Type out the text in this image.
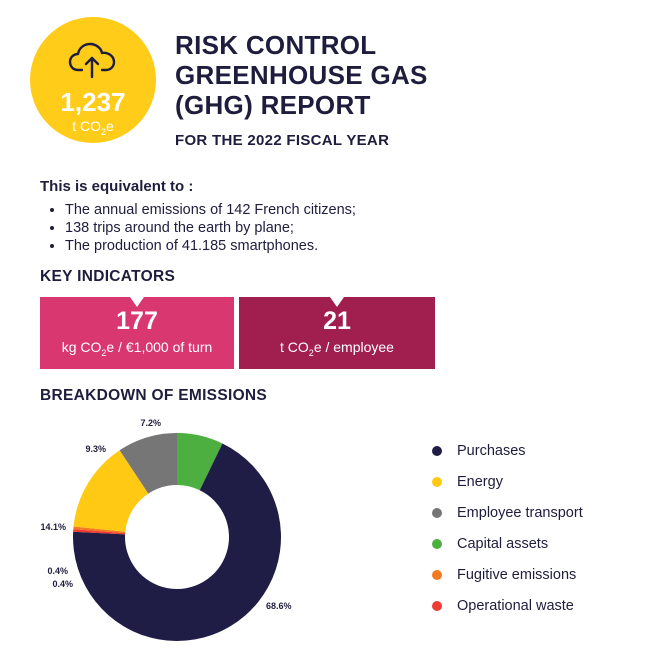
1,237
t $CO_2e$
RISK CONTROL
GREENHOUSE GAS
(GHG) REPORT
FOR THE 2022 FISCAL YEAR
This is equivalent to :
• The annual emissions of 142 French citizens;
• 138 trips around the earth by plane;
• The production of 41.185 smartphones.
KEY INDICATORS
177
kg $CO_2e$ / €1,000 of turn
21
t $CO_2e$ / employee
BREAKDOWN OF EMISSIONS
68.6%
14.1%
9.3%
7.2%
0.4%
0.4%
Purchases
Energy
Employee transport
Capital assets
Fugitive emissions
Operational waste
